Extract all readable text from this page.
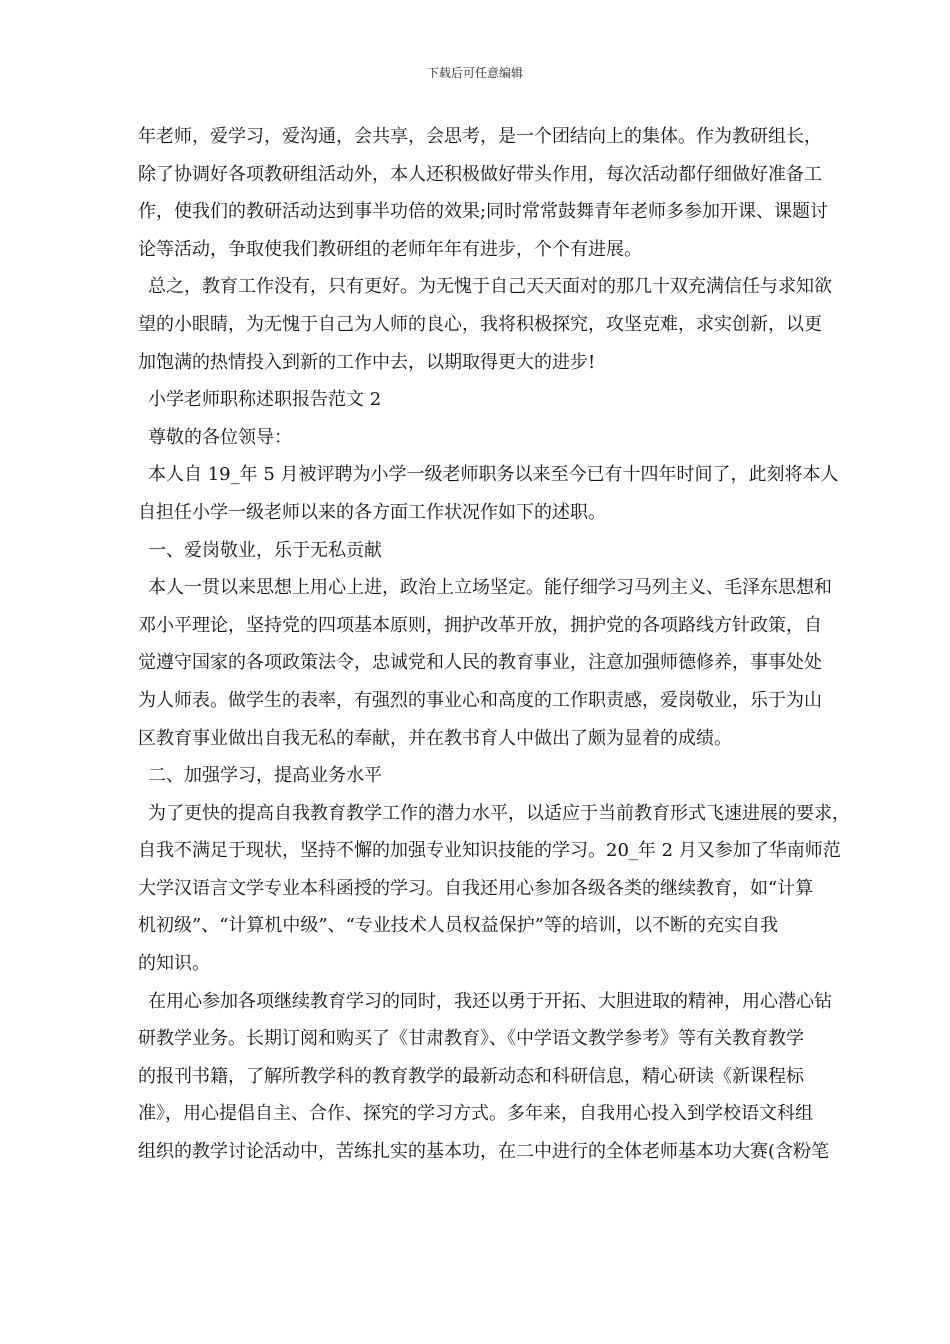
下载后可任意编辑
年老师，爱学习，爱沟通，会共享，会思考，是一个团结向上的集体。作为教研组长，
除了协调好各项教研组活动外，本人还积极做好带头作用，每次活动都仔细做好准备工
作，使我们的教研活动达到事半功倍的效果;同时常常鼓舞青年老师多参加开课、课题讨
论等活动，争取使我们教研组的老师年年有进步，个个有进展。
总之，教育工作没有，只有更好。为无愧于自己天天面对的那几十双充满信任与求知欲
望的小眼睛，为无愧于自己为人师的良心，我将积极探究，攻坚克难，求实创新，以更
加饱满的热情投入到新的工作中去，以期取得更大的进步!
小学老师职称述职报告范文 2
尊敬的各位领导：
本人自 19_年 5 月被评聘为小学一级老师职务以来至今已有十四年时间了，此刻将本人
自担任小学一级老师以来的各方面工作状况作如下的述职。
一、爱岗敬业，乐于无私贡献
本人一贯以来思想上用心上进，政治上立场坚定。能仔细学习马列主义、毛泽东思想和
邓小平理论，坚持党的四项基本原则，拥护改革开放，拥护党的各项路线方针政策，自
觉遵守国家的各项政策法令，忠诚党和人民的教育事业，注意加强师德修养，事事处处
为人师表。做学生的表率，有强烈的事业心和高度的工作职责感，爱岗敬业，乐于为山
区教育事业做出自我无私的奉献，并在教书育人中做出了颇为显着的成绩。
二、加强学习，提高业务水平
为了更快的提高自我教育教学工作的潜力水平，以适应于当前教育形式飞速进展的要求，
自我不满足于现状，坚持不懈的加强专业知识技能的学习。20_年 2 月又参加了华南师范
大学汉语言文学专业本科函授的学习。自我还用心参加各级各类的继续教育，如“计算
机初级”、“计算机中级”、“专业技术人员权益保护”等的培训，以不断的充实自我
的知识。
在用心参加各项继续教育学习的同时，我还以勇于开拓、大胆进取的精神，用心潜心钻
研教学业务。长期订阅和购买了《甘肃教育》、《中学语文教学参考》等有关教育教学
的报刊书籍，了解所教学科的教育教学的最新动态和科研信息，精心研读《新课程标
准》，用心提倡自主、合作、探究的学习方式。多年来，自我用心投入到学校语文科组
组织的教学讨论活动中，苦练扎实的基本功，在二中进行的全体老师基本功大赛(含粉笔
